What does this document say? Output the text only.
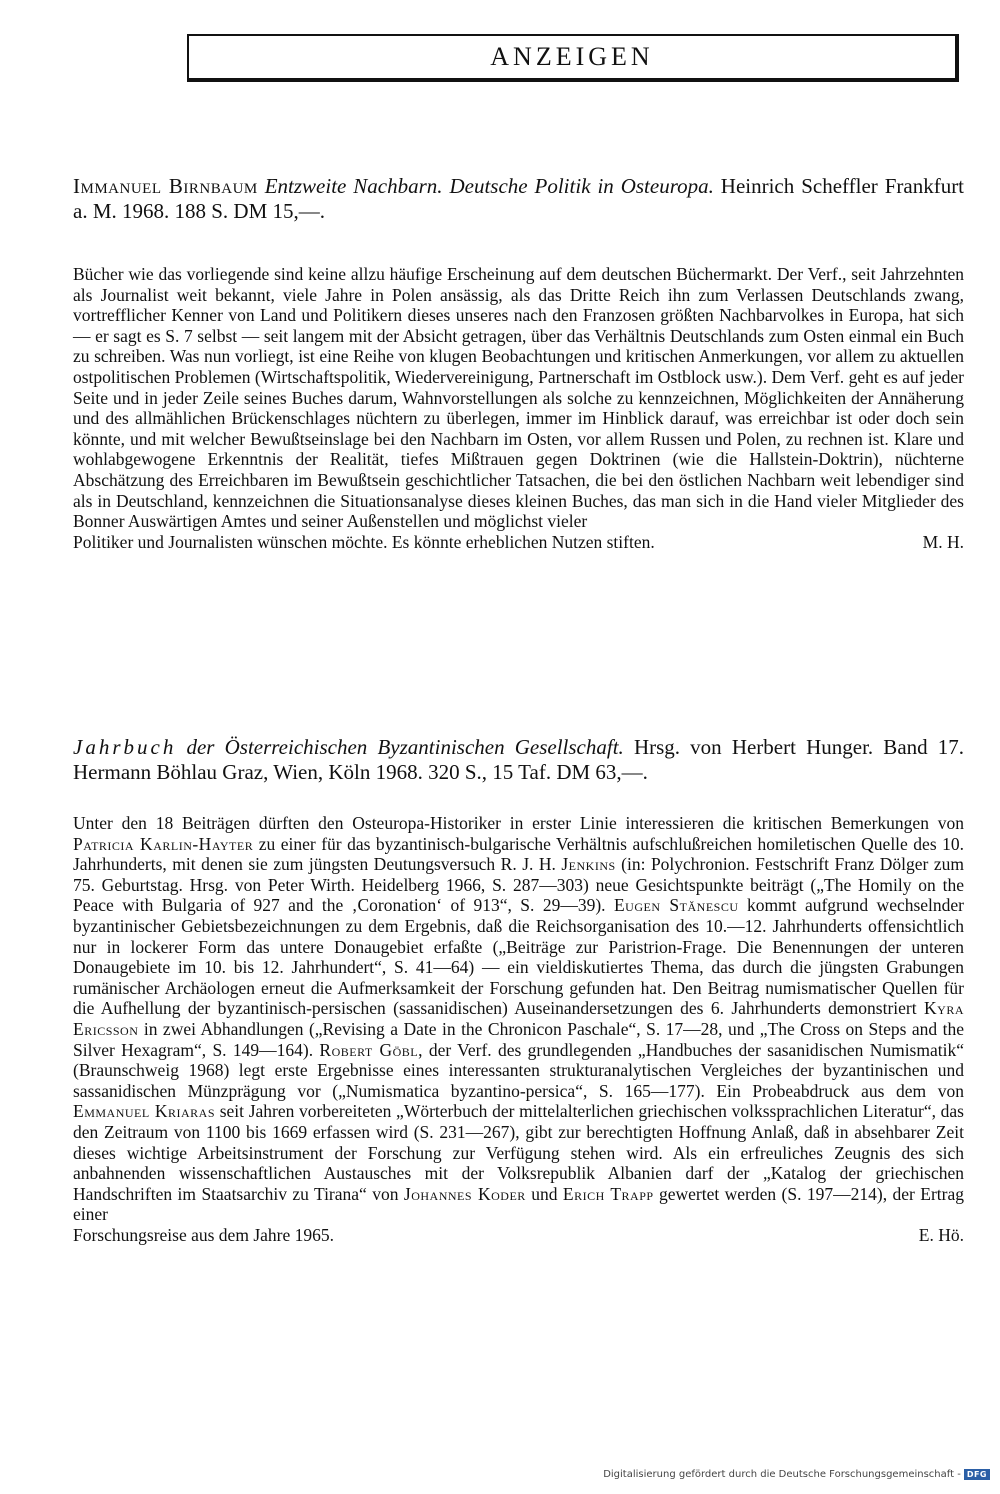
ANZEIGEN
Immanuel Birnbaum Entzweite Nachbarn. Deutsche Politik in Osteuropa. Heinrich Scheffler Frankfurt a. M. 1968. 188 S. DM 15,—.

Bücher wie das vorliegende sind keine allzu häufige Erscheinung auf dem deutschen Büchermarkt. Der Verf., seit Jahrzehnten als Journalist weit bekannt, viele Jahre in Polen ansässig, als das Dritte Reich ihn zum Verlassen Deutschlands zwang, vortrefflicher Kenner von Land und Politikern dieses unseres nach den Franzosen größten Nachbarvolkes in Europa, hat sich — er sagt es S. 7 selbst — seit langem mit der Absicht getragen, über das Verhältnis Deutschlands zum Osten einmal ein Buch zu schreiben. Was nun vorliegt, ist eine Reihe von klugen Beobachtungen und kritischen Anmerkungen, vor allem zu aktuellen ostpolitischen Problemen (Wirtschaftspolitik, Wiedervereinigung, Partnerschaft im Ostblock usw.). Dem Verf. geht es auf jeder Seite und in jeder Zeile seines Buches darum, Wahnvorstellungen als solche zu kennzeichnen, Möglichkeiten der Annäherung und des allmählichen Brückenschlages nüchtern zu überlegen, immer im Hinblick darauf, was erreichbar ist oder doch sein könnte, und mit welcher Bewußtseinslage bei den Nachbarn im Osten, vor allem Russen und Polen, zu rechnen ist. Klare und wohlabgewogene Erkenntnis der Realität, tiefes Mißtrauen gegen Doktrinen (wie die Hallstein-Doktrin), nüchterne Abschätzung des Erreichbaren im Bewußtsein geschichtlicher Tatsachen, die bei den östlichen Nachbarn weit lebendiger sind als in Deutschland, kennzeichnen die Situationsanalyse dieses kleinen Buches, das man sich in die Hand vieler Mitglieder des Bonner Auswärtigen Amtes und seiner Außenstellen und möglichst vieler

Politiker und Journalisten wünschen möchte. Es könnte erheblichen Nutzen stiften.	M. H.
Jahrbuch der Österreichischen Byzantinischen Gesellschaft. Hrsg. von Herbert Hunger. Band 17. Hermann Böhlau Graz, Wien, Köln 1968. 320 S., 15 Taf. DM 63,—.

Unter den 18 Beiträgen dürften den Osteuropa-Historiker in erster Linie interessieren die kritischen Bemerkungen von Patricia Karlin-Hayter zu einer für das byzantinisch-bulgarische Verhältnis aufschlußreichen homiletischen Quelle des 10. Jahrhunderts, mit denen sie zum jüngsten Deutungsversuch R. J. H. Jenkins (in: Polychronion. Festschrift Franz Dölger zum 75. Geburtstag. Hrsg. von Peter Wirth. Heidelberg 1966, S. 287—303) neue Gesichtspunkte beiträgt („The Homily on the Peace with Bulgaria of 927 and the ‚Coronation‘ of 913“, S. 29—39). Eugen Stănescu kommt aufgrund wechselnder byzantinischer Gebietsbezeichnungen zu dem Ergebnis, daß die Reichsorganisation des 10.—12. Jahrhunderts offensichtlich nur in lockerer Form das untere Donaugebiet erfaßte („Beiträge zur Paristrion-Frage. Die Benennungen der unteren Donaugebiete im 10. bis 12. Jahrhundert“, S. 41—64) — ein vieldiskutiertes Thema, das durch die jüngsten Grabungen rumänischer Archäologen erneut die Aufmerksamkeit der Forschung gefunden hat. Den Beitrag numismatischer Quellen für die Aufhellung der byzantinisch-persischen (sassanidischen) Auseinandersetzungen des 6. Jahrhunderts demonstriert Kyra Ericsson in zwei Abhandlungen („Revising a Date in the Chronicon Paschale“, S. 17—28, und „The Cross on Steps and the Silver Hexagram“, S. 149—164). Robert Göbl, der Verf. des grundlegenden „Handbuches der sasanidischen Numismatik“ (Braunschweig 1968) legt erste Ergebnisse eines interessanten strukturanalytischen Vergleiches der byzantinischen und sassanidischen Münzprägung vor („Numismatica byzantino-persica“, S. 165—177). Ein Probeabdruck aus dem von Emmanuel Kriaras seit Jahren vorbereiteten „Wörterbuch der mittelalterlichen griechischen volkssprachlichen Literatur“, das den Zeitraum von 1100 bis 1669 erfassen wird (S. 231—267), gibt zur berechtigten Hoffnung Anlaß, daß in absehbarer Zeit dieses wichtige Arbeitsinstrument der Forschung zur Verfügung stehen wird. Als ein erfreuliches Zeugnis des sich anbahnenden wissenschaftlichen Austausches mit der Volksrepublik Albanien darf der „Katalog der griechischen Handschriften im Staatsarchiv zu Tirana“ von Johannes Koder und Erich Trapp gewertet werden (S. 197—214), der Ertrag einer

Forschungsreise aus dem Jahre 1965.	E. Hö.
Digitalisierung gefördert durch die Deutsche Forschungsgemeinschaft - DFG
